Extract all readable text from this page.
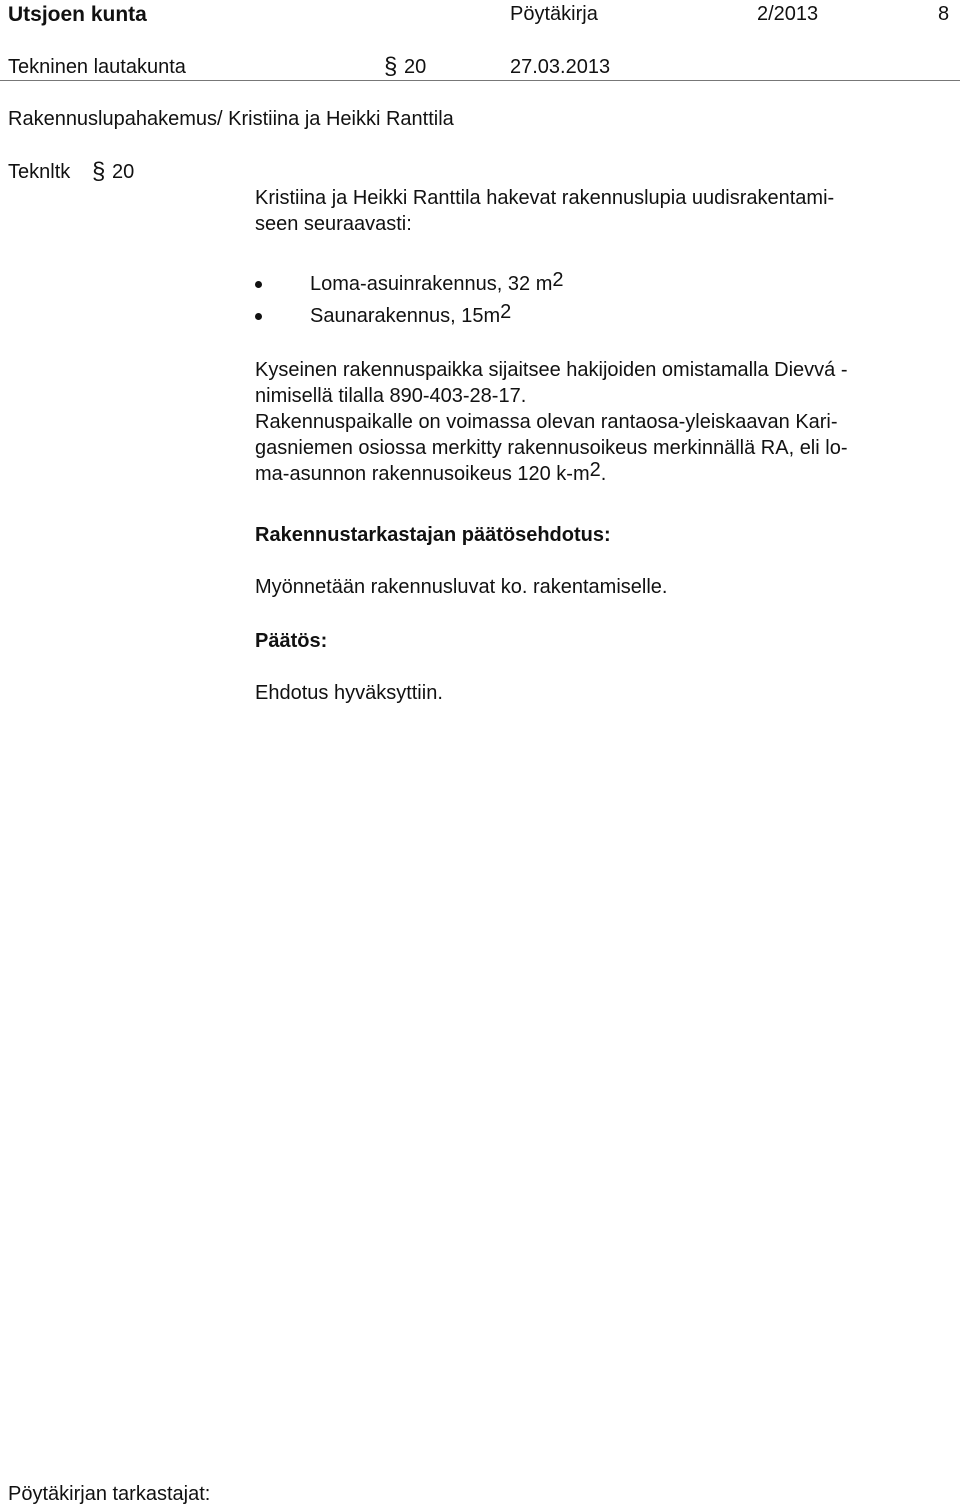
Utsjoen kunta	Pöytäkirja	2/2013	8
Tekninen lautakunta	§ 20	27.03.2013
Rakennuslupahakemus/ Kristiina ja Heikki Ranttila
Teknltk § 20
Kristiina ja Heikki Ranttila hakevat rakennuslupia uudisrakentami-
seen seuraavasti:
Loma-asuinrakennus, 32 $m^2$
Saunarakennus, $15m^2$
Kyseinen rakennuspaikka sijaitsee hakijoiden omistamalla Dievvá -
nimisellä tilalla 890-403-28-17.
Rakennuspaikalle on voimassa olevan rantaosa-yleiskaavan Kari-
gasniemen osiossa merkitty rakennusoikeus merkinnällä RA, eli lo-
ma-asunnon rakennusoikeus 120 $k-m^2$.
Rakennustarkastajan päätösehdotus:
Myönnetään rakennusluvat ko. rakentamiselle.
Päätös:
Ehdotus hyväksyttiin.
Pöytäkirjan tarkastajat:
